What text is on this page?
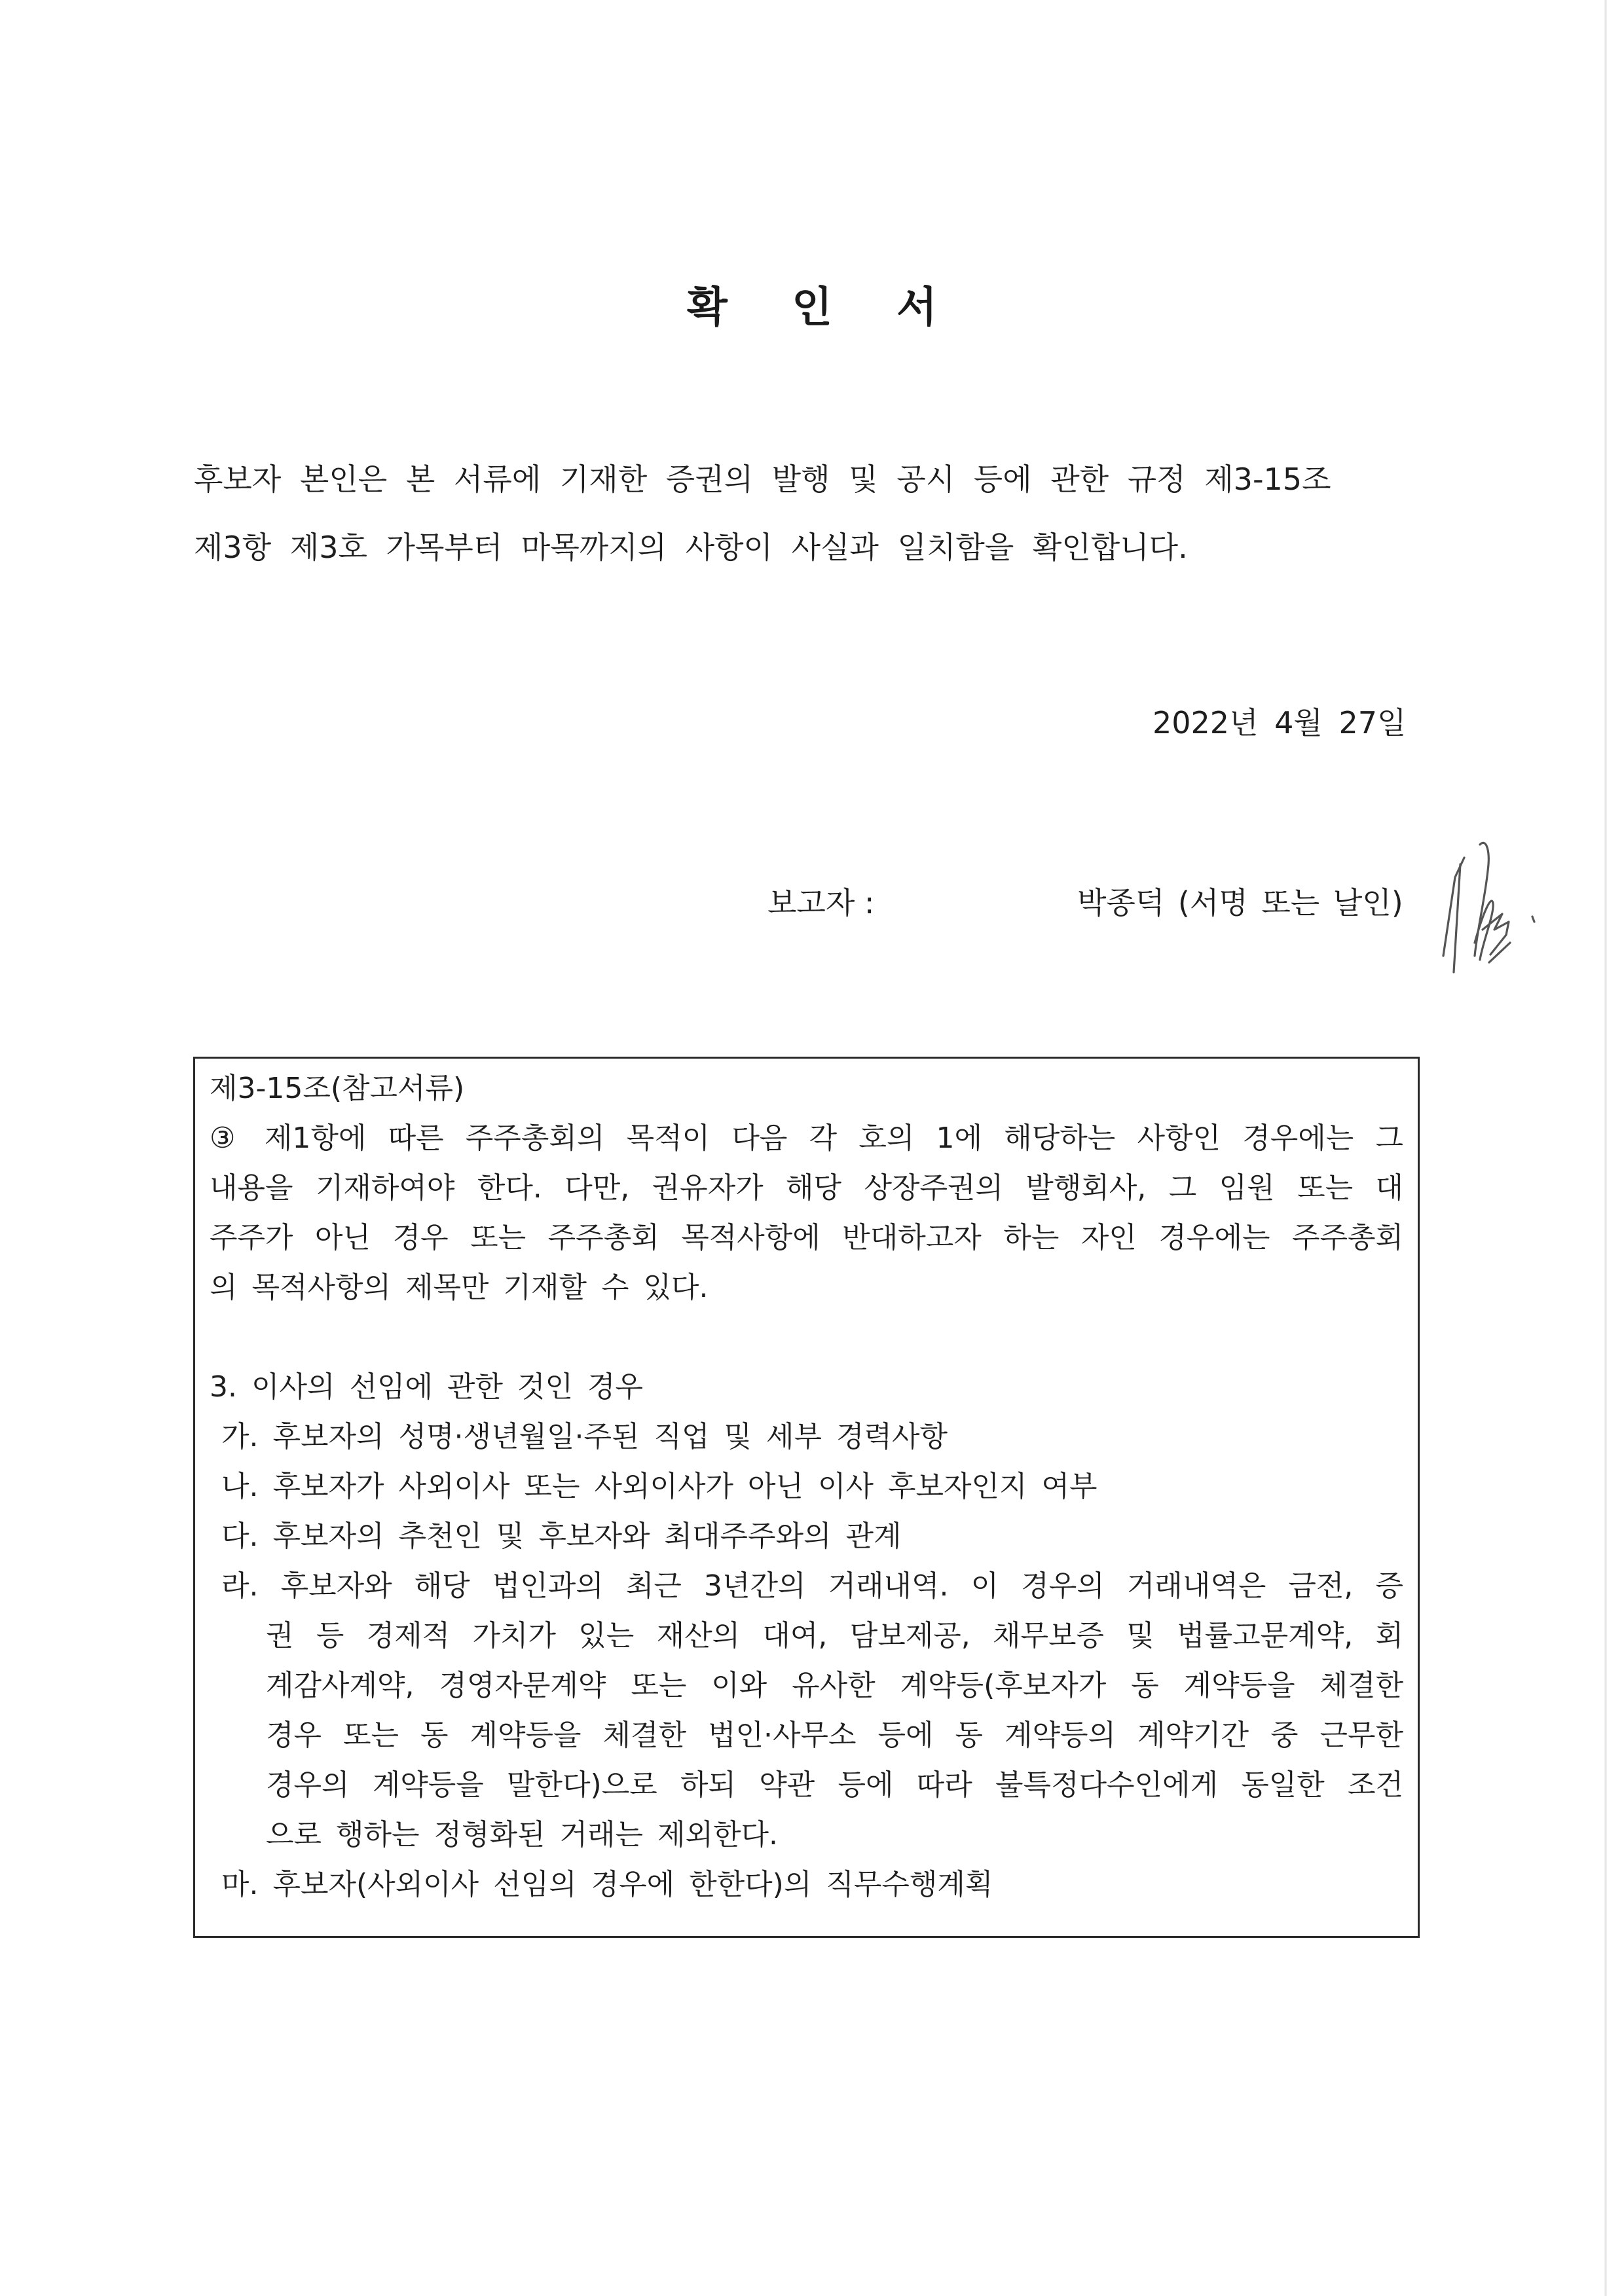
확 인 서
후보자 본인은 본 서류에 기재한 증권의 발행 및 공시 등에 관한 규정 제3-15조
제3항 제3호 가목부터 마목까지의 사항이 사실과 일치함을 확인합니다.
2022년 4월 27일
보고자 :	박종덕 (서명 또는 날인)
제3-15조(참고서류)
③ 제1항에 따른 주주총회의 목적이 다음 각 호의 1에 해당하는 사항인 경우에는 그
내용을 기재하여야 한다. 다만, 권유자가 해당 상장주권의 발행회사, 그 임원 또는 대
주주가 아닌 경우 또는 주주총회 목적사항에 반대하고자 하는 자인 경우에는 주주총회
의 목적사항의 제목만 기재할 수 있다.
3. 이사의 선임에 관한 것인 경우
가. 후보자의 성명·생년월일·주된 직업 및 세부 경력사항
나. 후보자가 사외이사 또는 사외이사가 아닌 이사 후보자인지 여부
다. 후보자의 추천인 및 후보자와 최대주주와의 관계
라. 후보자와 해당 법인과의 최근 3년간의 거래내역. 이 경우의 거래내역은 금전, 증
권 등 경제적 가치가 있는 재산의 대여, 담보제공, 채무보증 및 법률고문계약, 회
계감사계약, 경영자문계약 또는 이와 유사한 계약등(후보자가 동 계약등을 체결한
경우 또는 동 계약등을 체결한 법인·사무소 등에 동 계약등의 계약기간 중 근무한
경우의 계약등을 말한다)으로 하되 약관 등에 따라 불특정다수인에게 동일한 조건
으로 행하는 정형화된 거래는 제외한다.
마. 후보자(사외이사 선임의 경우에 한한다)의 직무수행계획
